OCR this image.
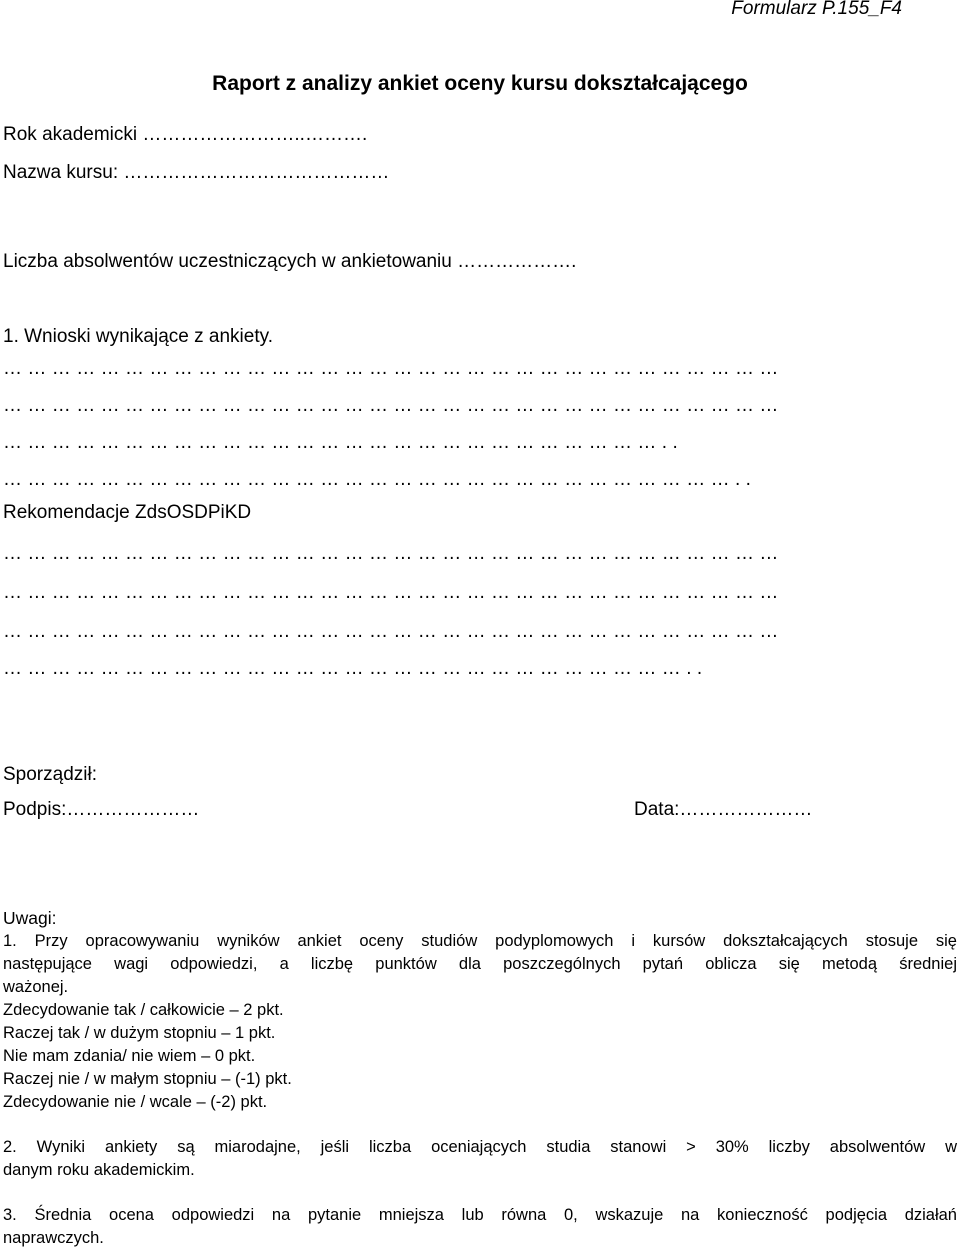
Formularz P.155_F4
Raport z analizy ankiet oceny kursu dokształcającego
Rok akademicki ……………………..……….
Nazwa kursu: ……………………………………
Liczba absolwentów uczestniczących w ankietowaniu ……………….
1. Wnioski wynikające z ankiety.
……………………………………………………………………………………
……………………………………………………………………………………
………………………………………………………………………..
………………………………………………………………………………..
Rekomendacje ZdsOSDPiKD
……………………………………………………………………………………
……………………………………………………………………………………
……………………………………………………………………………………
…………………………………………………………………………..
Sporządził:
Podpis:…………………	Data:…………………
Uwagi:
1. Przy opracowywaniu wyników ankiet oceny studiów podyplomowych i kursów dokształcających stosuje się
następujące wagi odpowiedzi, a liczbę punktów dla poszczególnych pytań oblicza się metodą średniej
ważonej.
Zdecydowanie tak / całkowicie – 2 pkt.
Raczej tak / w dużym stopniu – 1 pkt.
Nie mam zdania/ nie wiem – 0 pkt.
Raczej nie / w małym stopniu – (-1) pkt.
Zdecydowanie nie / wcale – (-2) pkt.
2. Wyniki ankiety są miarodajne, jeśli liczba oceniających studia stanowi > 30% liczby absolwentów w
danym roku akademickim.
3. Średnia ocena odpowiedzi na pytanie mniejsza lub równa 0, wskazuje na konieczność podjęcia działań
naprawczych.
